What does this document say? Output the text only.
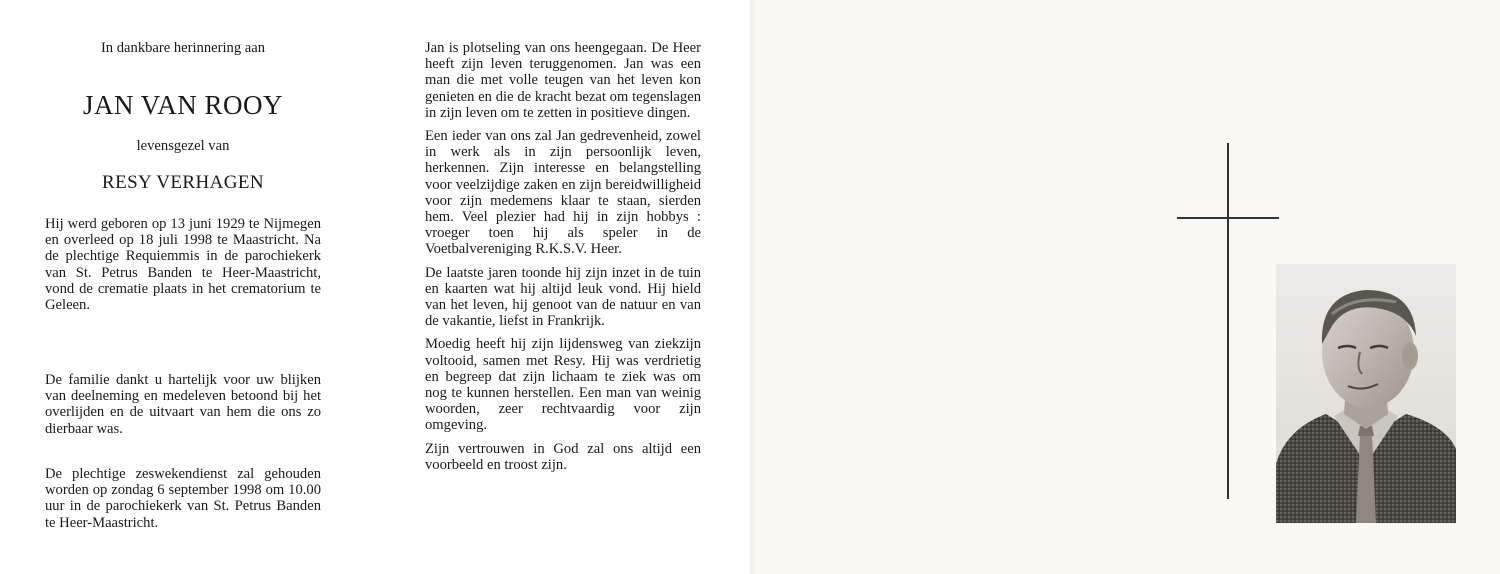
In dankbare herinnering aan
JAN VAN ROOY
levensgezel van
RESY VERHAGEN

Hij werd geboren op 13 juni 1929 te Nijmegen en overleed op 18 juli 1998 te Maastricht. Na de plechtige Requiemmis in de parochiekerk van St. Petrus Banden te Heer-Maastricht, vond de crematie plaats in het crematorium te Geleen.

De familie dankt u hartelijk voor uw blijken van deelneming en medeleven betoond bij het overlijden en de uitvaart van hem die ons zo dierbaar was.

De plechtige zeswekendienst zal gehouden worden op zondag 6 september 1998 om 10.00 uur in de parochiekerk van St. Petrus Banden te Heer-Maastricht.

Jan is plotseling van ons heengegaan. De Heer heeft zijn leven teruggenomen. Jan was een man die met volle teugen van het leven kon genieten en die de kracht bezat om tegenslagen in zijn leven om te zetten in positieve dingen.

Een ieder van ons zal Jan gedrevenheid, zowel in werk als in zijn persoonlijk leven, herkennen. Zijn interesse en belangstelling voor veelzijdige zaken en zijn bereidwilligheid voor zijn medemens klaar te staan, sierden hem. Veel plezier had hij in zijn hobbys : vroeger toen hij als speler in de Voetbalvereniging R.K.S.V. Heer.

De laatste jaren toonde hij zijn inzet in de tuin en kaarten wat hij altijd leuk vond. Hij hield van het leven, hij genoot van de natuur en van de vakantie, liefst in Frankrijk.

Moedig heeft hij zijn lijdensweg van ziekzijn voltooid, samen met Resy. Hij was verdrietig en begreep dat zijn lichaam te ziek was om nog te kunnen herstellen. Een man van weinig woorden, zeer rechtvaardig voor zijn omgeving.

Zijn vertrouwen in God zal ons altijd een voorbeeld en troost zijn.
